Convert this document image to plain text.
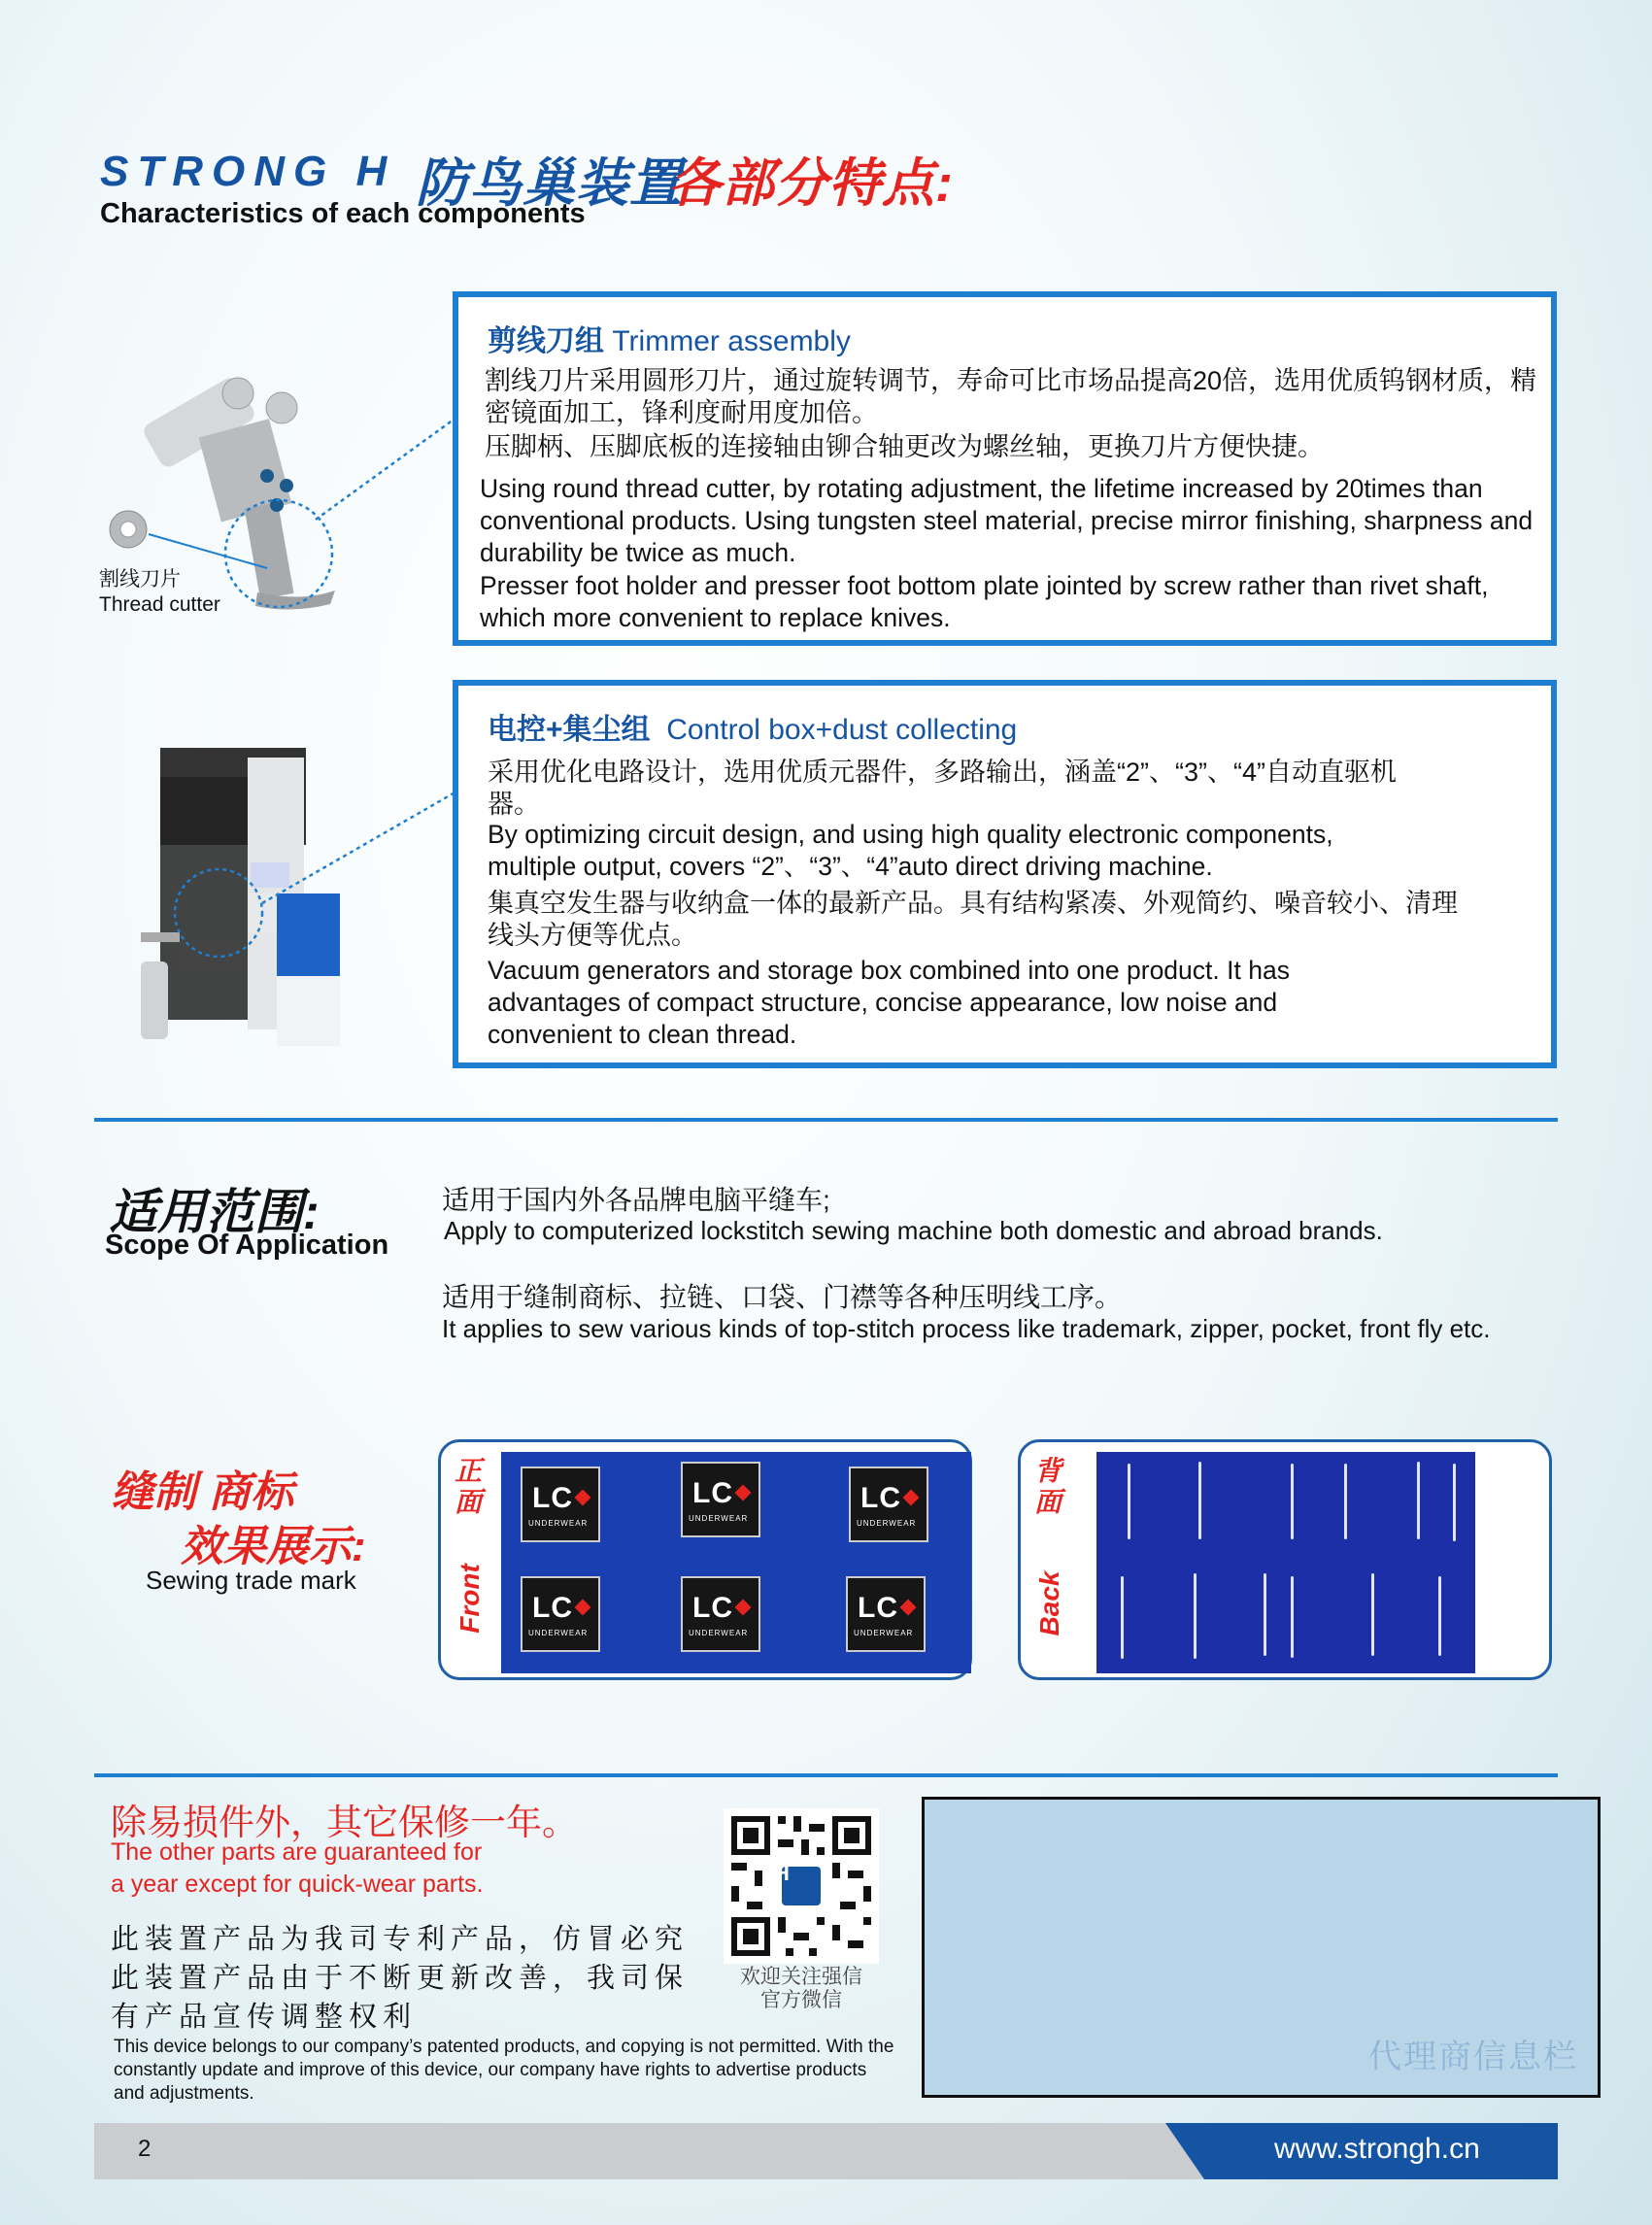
STRONG H 防鸟巢装置
各部分特点:
Characteristics of each components
割线刀片
Thread cutter
剪线刀组 Trimmer assembly
割线刀片采用圆形刀片，通过旋转调节，寿命可比市场品提高20倍，选用优质钨钢材质，精密镜面加工，锋利度耐用度加倍。
压脚柄、压脚底板的连接轴由铆合轴更改为螺丝轴，更换刀片方便快捷。
Using round thread cutter, by rotating adjustment, the lifetime increased by 20times than conventional products. Using tungsten steel material, precise mirror finishing, sharpness and durability be twice as much.
Presser foot holder and presser foot bottom plate jointed by screw rather than rivet shaft, which more convenient to replace knives.
电控+集尘组 Control box+dust collecting
采用优化电路设计，选用优质元器件，多路输出，涵盖“2”、“3”、“4”自动直驱机器。
By optimizing circuit design, and using high quality electronic components, multiple output, covers “2”、“3”、“4”auto direct driving machine.
集真空发生器与收纳盒一体的最新产品。具有结构紧凑、外观简约、噪音较小、清理线头方便等优点。
Vacuum generators and storage box combined into one product. It has advantages of compact structure, concise appearance, low noise and convenient to clean thread.
适用范围:
Scope Of Application
适用于国内外各品牌电脑平缝车;
Apply to computerized lockstitch sewing machine both domestic and abroad brands.
适用于缝制商标、拉链、口袋、门襟等各种压明线工序。
It applies to sew various kinds of top-stitch process like trademark, zipper, pocket, front fly etc.
缝制 商标
效果展示:
Sewing trade mark
正面
Front
LC
UNDERWEAR
LC
UNDERWEAR
LC
UNDERWEAR
LC
UNDERWEAR
LC
UNDERWEAR
LC
UNDERWEAR
背面
Back
除易损件外，其它保修一年。
The other parts are guaranteed for
a year except for quick-wear parts.
此装置产品为我司专利产品，仿冒必究
此装置产品由于不断更新改善，我司保
有产品宣传调整权利
This device belongs to our company’s patented products, and copying is not permitted. With the constantly update and improve of this device, our company have rights to advertise products and adjustments.
H
欢迎关注强信
官方微信
代理商信息栏
2	www.strongh.cn
